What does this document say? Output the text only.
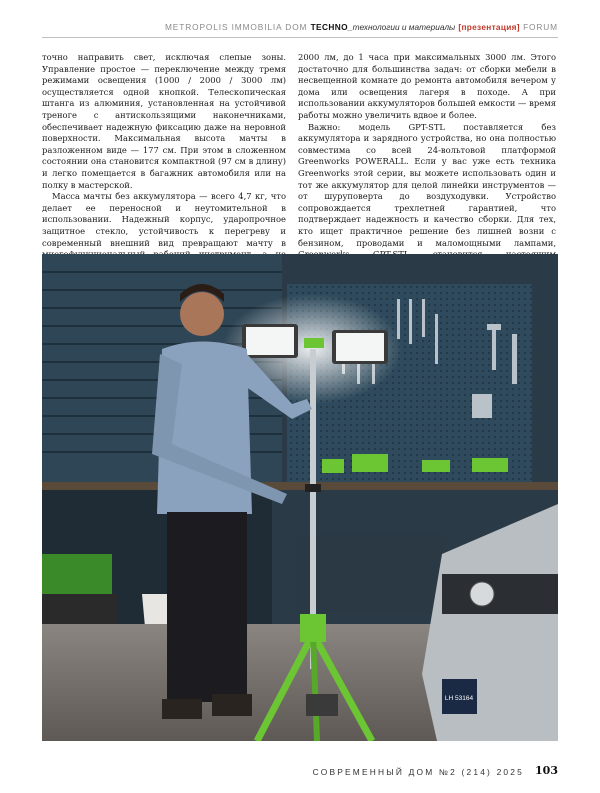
METROPOLIS IMMOBILIA DOM TECHNO_технологии и материалы [презентация] FORUM

точно направить свет, исключая слепые зоны. Управление простое — переключение между тремя режимами освещения (1000 / 2000 / 3000 лм) осуществляется одной кнопкой. Телескопическая штанга из алюминия, установленная на устойчивой треноге с антискользящими наконечниками, обеспечивает надежную фиксацию даже на неровной поверхности. Максимальная высота мачты в разложенном виде — 177 см. При этом в сложенном состоянии она становится компактной (97 см в длину) и легко помещается в багажник автомобиля или на полку в мастерской.

Масса мачты без аккумулятора — всего 4,7 кг, что делает ее переносной и неутомительной в использовании. Надежный корпус, ударопрочное защитное стекло, устойчивость к перегреву и современный внешний вид превращают мачту в

2000 лм, до 1 часа при максимальных 3000 лм. Этого достаточно для большинства задач: от сборки мебели в несвещенной комнате до ремонта автомобиля вечером у дома или освещения лагеря в походе. А при использовании аккумуляторов большей емкости — время работы можно увеличить вдвое и более.

Важно: модель GPT-STL поставляется без аккумулятора и зарядного устройства, но она полностью совместима со всей 24-вольтовой платформой Greenworks POWERALL. Если у вас уже есть техника Greenworks этой серии, вы можете использовать один и тот же аккумулятор для целой линейки инструментов — от шуруповерта до воздуходувки. Устройство сопровождается трехлетней гарантией, что подтверждает надежность и качество сборки. Для тех, кто ищет практичное решение без лишней возни с бензином, проводами и маломощными лампами,

LH 53164
СОВРЕМЕННЫЙ ДОМ №2 (214) 2025 103
